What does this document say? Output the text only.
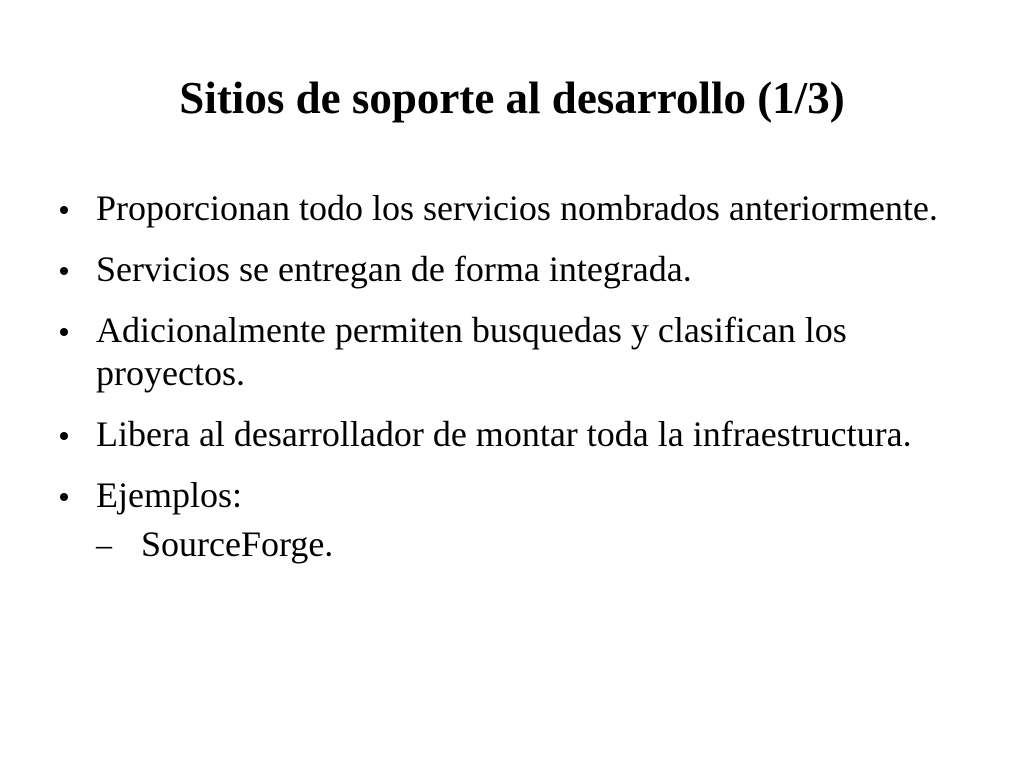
Sitios de soporte al desarrollo (1/3)
Proporcionan todo los servicios nombrados anteriormente.
Servicios se entregan de forma integrada.
Adicionalmente permiten busquedas y clasifican los proyectos.
Libera al desarrollador de montar toda la infraestructura.
Ejemplos:
– SourceForge.
